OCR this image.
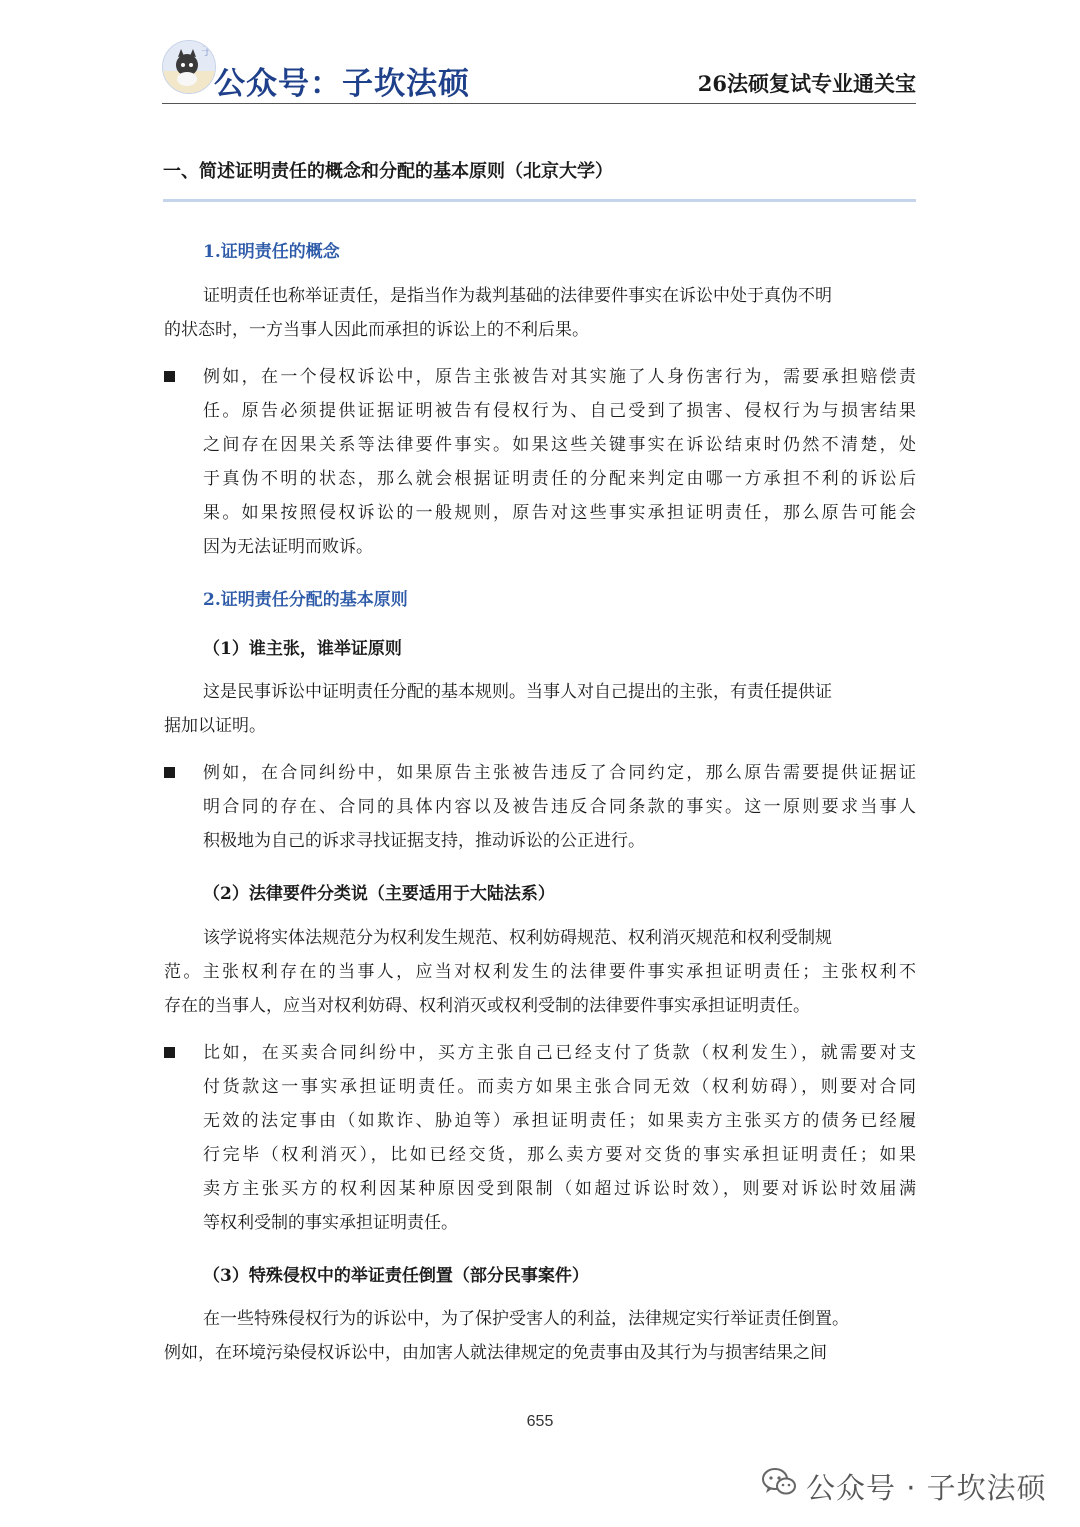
子
公众号：子坎法硕	26法硕复试专业通关宝
一、简述证明责任的概念和分配的基本原则（北京大学）
1.证明责任的概念
证明责任也称举证责任，是指当作为裁判基础的法律要件事实在诉讼中处于真伪不明
的状态时，一方当事人因此而承担的诉讼上的不利后果。
例如，在一个侵权诉讼中，原告主张被告对其实施了人身伤害行为，需要承担赔偿责
任。原告必须提供证据证明被告有侵权行为、自己受到了损害、侵权行为与损害结果
之间存在因果关系等法律要件事实。如果这些关键事实在诉讼结束时仍然不清楚，处
于真伪不明的状态，那么就会根据证明责任的分配来判定由哪一方承担不利的诉讼后
果。如果按照侵权诉讼的一般规则，原告对这些事实承担证明责任，那么原告可能会
因为无法证明而败诉。
2.证明责任分配的基本原则
（1）谁主张，谁举证原则
这是民事诉讼中证明责任分配的基本规则。当事人对自己提出的主张，有责任提供证
据加以证明。
例如，在合同纠纷中，如果原告主张被告违反了合同约定，那么原告需要提供证据证
明合同的存在、合同的具体内容以及被告违反合同条款的事实。这一原则要求当事人
积极地为自己的诉求寻找证据支持，推动诉讼的公正进行。
（2）法律要件分类说（主要适用于大陆法系）
该学说将实体法规范分为权利发生规范、权利妨碍规范、权利消灭规范和权利受制规
范。主张权利存在的当事人，应当对权利发生的法律要件事实承担证明责任；主张权利不
存在的当事人，应当对权利妨碍、权利消灭或权利受制的法律要件事实承担证明责任。
比如，在买卖合同纠纷中，买方主张自己已经支付了货款（权利发生），就需要对支
付货款这一事实承担证明责任。而卖方如果主张合同无效（权利妨碍），则要对合同
无效的法定事由（如欺诈、胁迫等）承担证明责任；如果卖方主张买方的债务已经履
行完毕（权利消灭），比如已经交货，那么卖方要对交货的事实承担证明责任；如果
卖方主张买方的权利因某种原因受到限制（如超过诉讼时效），则要对诉讼时效届满
等权利受制的事实承担证明责任。
（3）特殊侵权中的举证责任倒置（部分民事案件）
在一些特殊侵权行为的诉讼中，为了保护受害人的利益，法律规定实行举证责任倒置。
例如，在环境污染侵权诉讼中，由加害人就法律规定的免责事由及其行为与损害结果之间
655
公众号 · 子坎法硕
